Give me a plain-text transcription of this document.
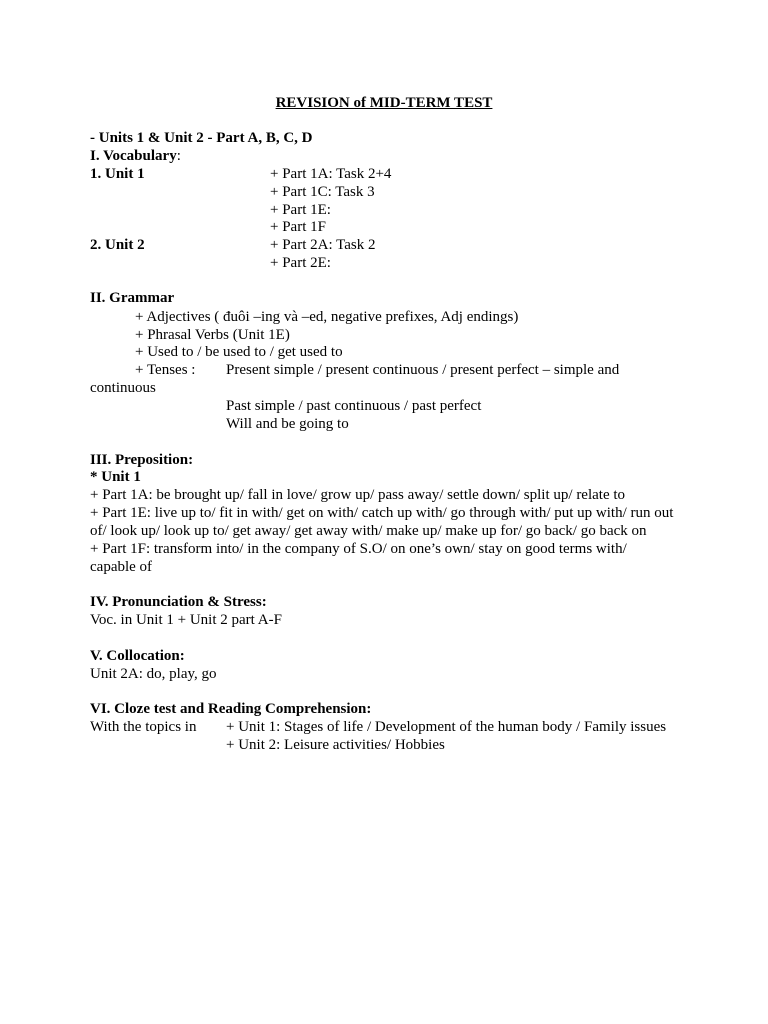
REVISION of MID-TERM TEST
- Units 1 & Unit 2 - Part A, B, C, D
I. Vocabulary:
1. Unit 1	+ Part 1A: Task 2+4
+ Part 1C: Task 3
+ Part 1E:
+ Part 1F
2. Unit 2	+ Part 2A: Task 2
+ Part 2E:
II. Grammar
+ Adjectives ( đuôi –ing và –ed, negative prefixes, Adj endings)
+ Phrasal Verbs (Unit 1E)
+ Used to / be used to / get used to
+ Tenses : Present simple / present continuous / present perfect – simple and
continuous
Past simple / past continuous / past perfect
Will and be going to
III. Preposition:
* Unit 1
+ Part 1A: be brought up/ fall in love/ grow up/ pass away/ settle down/ split up/ relate to
+ Part 1E: live up to/ fit in with/ get on with/ catch up with/ go through with/ put up with/ run out
of/ look up/ look up to/ get away/ get away with/ make up/ make up for/ go back/ go back on
+ Part 1F: transform into/ in the company of S.O/ on one’s own/ stay on good terms with/
capable of
IV. Pronunciation & Stress:
Voc. in Unit 1 + Unit 2 part A-F
V. Collocation:
Unit 2A: do, play, go
VI. Cloze test and Reading Comprehension:
With the topics in + Unit 1: Stages of life / Development of the human body / Family issues
+ Unit 2: Leisure activities/ Hobbies
